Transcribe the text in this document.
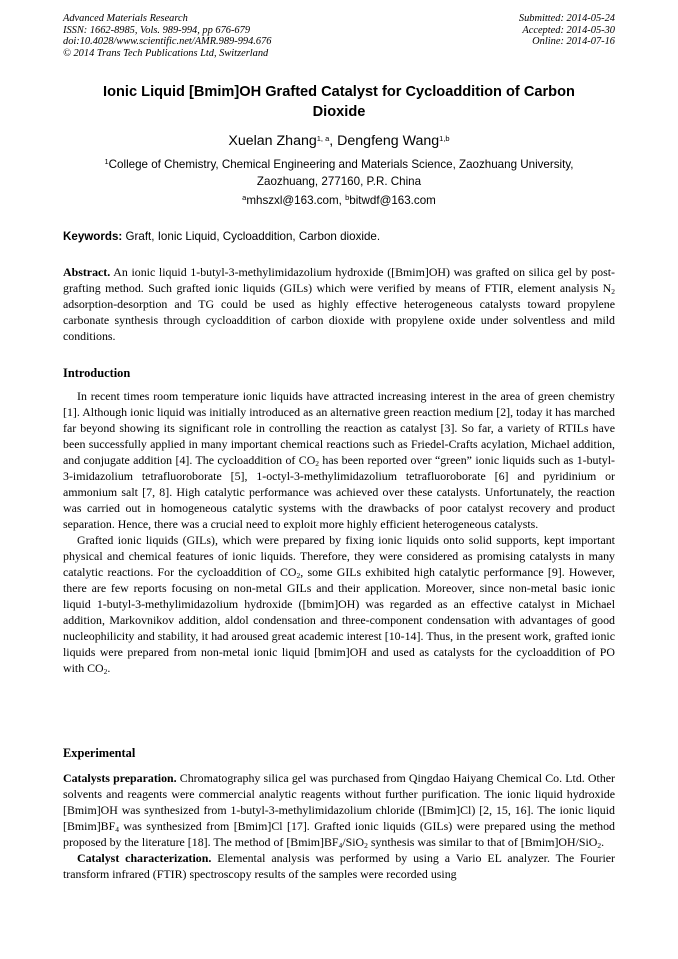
Advanced Materials Research
ISSN: 1662-8985, Vols. 989-994, pp 676-679
doi:10.4028/www.scientific.net/AMR.989-994.676
© 2014 Trans Tech Publications Ltd, Switzerland
Submitted: 2014-05-24
Accepted: 2014-05-30
Online: 2014-07-16
Ionic Liquid [Bmim]OH Grafted Catalyst for Cycloaddition of Carbon
Dioxide
Xuelan Zhang$^{1, a}$, Dengfeng Wang$^{1,b}$
$^1$College of Chemistry, Chemical Engineering and Materials Science, Zaozhuang University,
Zaozhuang, 277160, P.R. China
$^a$mhszxl@163.com, $^b$bitwdf@163.com
Keywords: Graft, Ionic Liquid, Cycloaddition, Carbon dioxide.

Abstract. An ionic liquid 1-butyl-3-methylimidazolium hydroxide ([Bmim]OH) was grafted on silica gel by post-grafting method. Such grafted ionic liquids (GILs) which were verified by means of FTIR, element analysis $N_2$ adsorption-desorption and TG could be used as highly effective heterogeneous catalysts toward propylene carbonate synthesis through cycloaddition of carbon dioxide with propylene oxide under solventless and mild conditions.

Introduction

In recent times room temperature ionic liquids have attracted increasing interest in the area of green chemistry [1]. Although ionic liquid was initially introduced as an alternative green reaction medium [2], today it has marched far beyond showing its significant role in controlling the reaction as catalyst [3]. So far, a variety of RTILs have been successfully applied in many important chemical reactions such as Friedel-Crafts acylation, Michael addition, and conjugate addition [4]. The cycloaddition of $CO_2$ has been reported over “green” ionic liquids such as 1-butyl-3-imidazolium tetrafluoroborate [5], 1-octyl-3-methylimidazolium tetrafluoroborate [6] and pyridinium or ammonium salt [7, 8]. High catalytic performance was achieved over these catalysts. Unfortunately, the reaction was carried out in homogeneous catalytic systems with the drawbacks of poor catalyst recovery and product separation. Hence, there was a crucial need to exploit more highly efficient heterogeneous catalysts.

Grafted ionic liquids (GILs), which were prepared by fixing ionic liquids onto solid supports, kept important physical and chemical features of ionic liquids. Therefore, they were considered as promising catalysts in many catalytic reactions. For the cycloaddition of $CO_2$, some GILs exhibited high catalytic performance [9]. However, there are few reports focusing on non-metal GILs and their application. Moreover, since non-metal basic ionic liquid 1-butyl-3-methylimidazolium hydroxide ([bmim]OH) was regarded as an effective catalyst in Michael addition, Markovnikov addition, aldol condensation and three-component condensation with advantages of good nucleophilicity and stability, it had aroused great academic interest [10-14]. Thus, in the present work, grafted ionic liquids were prepared from non-metal ionic liquid [bmim]OH and used as catalysts for the cycloaddition of PO with $CO_2$.

Experimental

Catalysts preparation. Chromatography silica gel was purchased from Qingdao Haiyang Chemical Co. Ltd. Other solvents and reagents were commercial analytic reagents without further purification. The ionic liquid hydroxide [Bmim]OH was synthesized from 1-butyl-3-methylimidazolium chloride ([Bmim]Cl) [2, 15, 16]. The ionic liquid $[Bmim]BF_4$ was synthesized from [Bmim]Cl [17]. Grafted ionic liquids (GILs) were prepared using the method proposed by the literature [18]. The method of $[Bmim]BF_4/SiO_2$ synthesis was similar to that of [Bmim]OH/SiO$_2$.

Catalyst characterization. Elemental analysis was performed by using a Vario EL analyzer. The Fourier transform infrared (FTIR) spectroscopy results of the samples were recorded using
